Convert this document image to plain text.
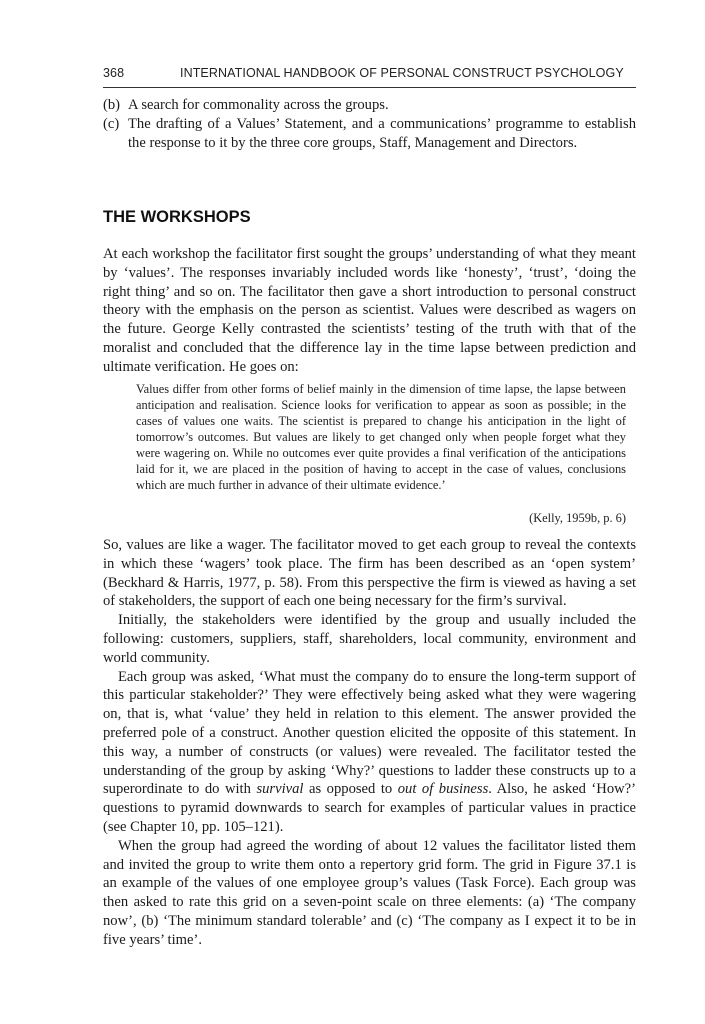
368	INTERNATIONAL HANDBOOK OF PERSONAL CONSTRUCT PSYCHOLOGY
(b) A search for commonality across the groups.
(c) The drafting of a Values’ Statement, and a communications’ programme to establish the response to it by the three core groups, Staff, Management and Directors.
THE WORKSHOPS

At each workshop the facilitator first sought the groups’ understanding of what they meant by ‘values’. The responses invariably included words like ‘honesty’, ‘trust’, ‘doing the right thing’ and so on. The facilitator then gave a short introduction to personal construct theory with the emphasis on the person as scientist. Values were described as wagers on the future. George Kelly contrasted the scientists’ testing of the truth with that of the moralist and concluded that the difference lay in the time lapse between prediction and ultimate verification. He goes on:

Values differ from other forms of belief mainly in the dimension of time lapse, the lapse between anticipation and realisation. Science looks for verification to appear as soon as possible; in the cases of values one waits. The scientist is prepared to change his anticipation in the light of tomorrow’s outcomes. But values are likely to get changed only when people forget what they were wagering on. While no outcomes ever quite provides a final verification of the anticipations laid for it, we are placed in the position of having to accept in the case of values, conclusions which are much further in advance of their ultimate evidence.’

(Kelly, 1959b, p. 6)

So, values are like a wager. The facilitator moved to get each group to reveal the contexts in which these ‘wagers’ took place. The firm has been described as an ‘open system’ (Beckhard & Harris, 1977, p. 58). From this perspective the firm is viewed as having a set of stakeholders, the support of each one being necessary for the firm’s survival.

Initially, the stakeholders were identified by the group and usually included the following: customers, suppliers, staff, shareholders, local community, environment and world community.

Each group was asked, ‘What must the company do to ensure the long-term support of this particular stakeholder?’ They were effectively being asked what they were wagering on, that is, what ‘value’ they held in relation to this element. The answer provided the preferred pole of a construct. Another question elicited the opposite of this statement. In this way, a number of constructs (or values) were revealed. The facilitator tested the understanding of the group by asking ‘Why?’ questions to ladder these constructs up to a superordinate to do with survival as opposed to out of business. Also, he asked ‘How?’ questions to pyramid downwards to search for examples of particular values in practice (see Chapter 10, pp. 105–121).

When the group had agreed the wording of about 12 values the facilitator listed them and invited the group to write them onto a repertory grid form. The grid in Figure 37.1 is an example of the values of one employee group’s values (Task Force). Each group was then asked to rate this grid on a seven-point scale on three elements: (a) ‘The company now’, (b) ‘The minimum standard tolerable’ and (c) ‘The company as I expect it to be in five years’ time’.
